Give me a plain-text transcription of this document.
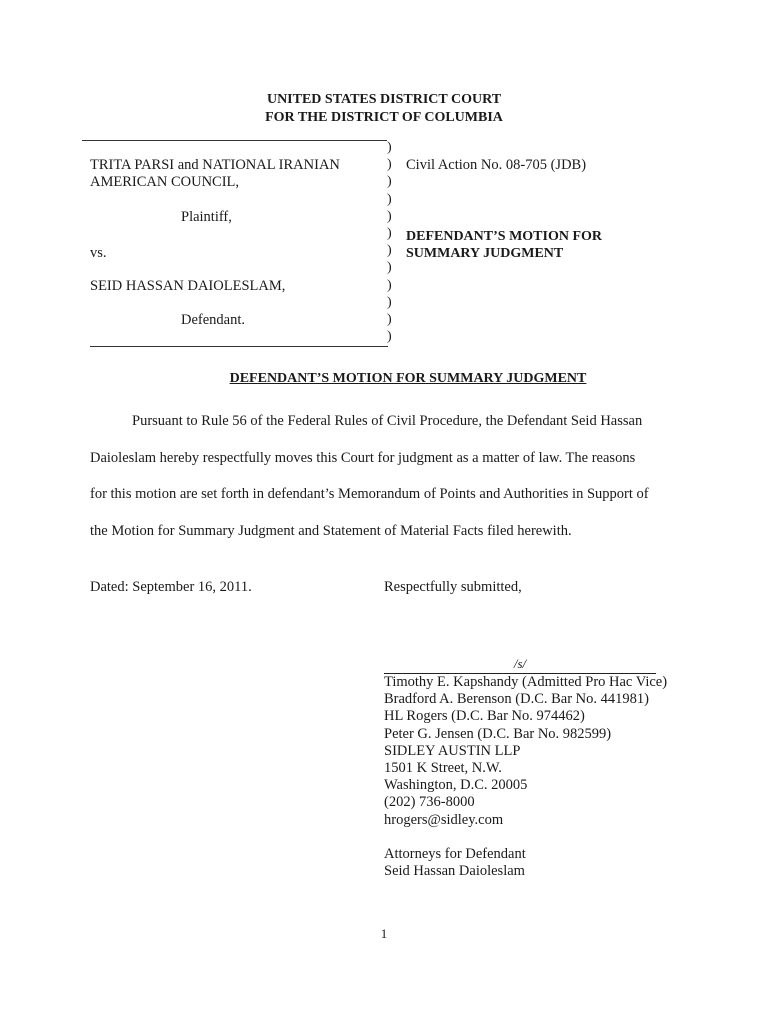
UNITED STATES DISTRICT COURT
FOR THE DISTRICT OF COLUMBIA
)
)
)
)
)
)
)
)
)
)
)
)
TRITA PARSI and NATIONAL IRANIAN
AMERICAN COUNCIL,
Plaintiff,
vs.
SEID HASSAN DAIOLESLAM,
Defendant.
Civil Action No. 08-705 (JDB)
DEFENDANT’S MOTION FOR
SUMMARY JUDGMENT
DEFENDANT’S MOTION FOR SUMMARY JUDGMENT
Pursuant to Rule 56 of the Federal Rules of Civil Procedure, the Defendant Seid Hassan
Daioleslam hereby respectfully moves this Court for judgment as a matter of law. The reasons
for this motion are set forth in defendant’s Memorandum of Points and Authorities in Support of
the Motion for Summary Judgment and Statement of Material Facts filed herewith.
Dated: September 16, 2011.	Respectfully submitted,
/s/
Timothy E. Kapshandy (Admitted Pro Hac Vice)
Bradford A. Berenson (D.C. Bar No. 441981)
HL Rogers (D.C. Bar No. 974462)
Peter G. Jensen (D.C. Bar No. 982599)
SIDLEY AUSTIN LLP
1501 K Street, N.W.
Washington, D.C. 20005
(202) 736-8000
hrogers@sidley.com
Attorneys for Defendant
Seid Hassan Daioleslam
1
